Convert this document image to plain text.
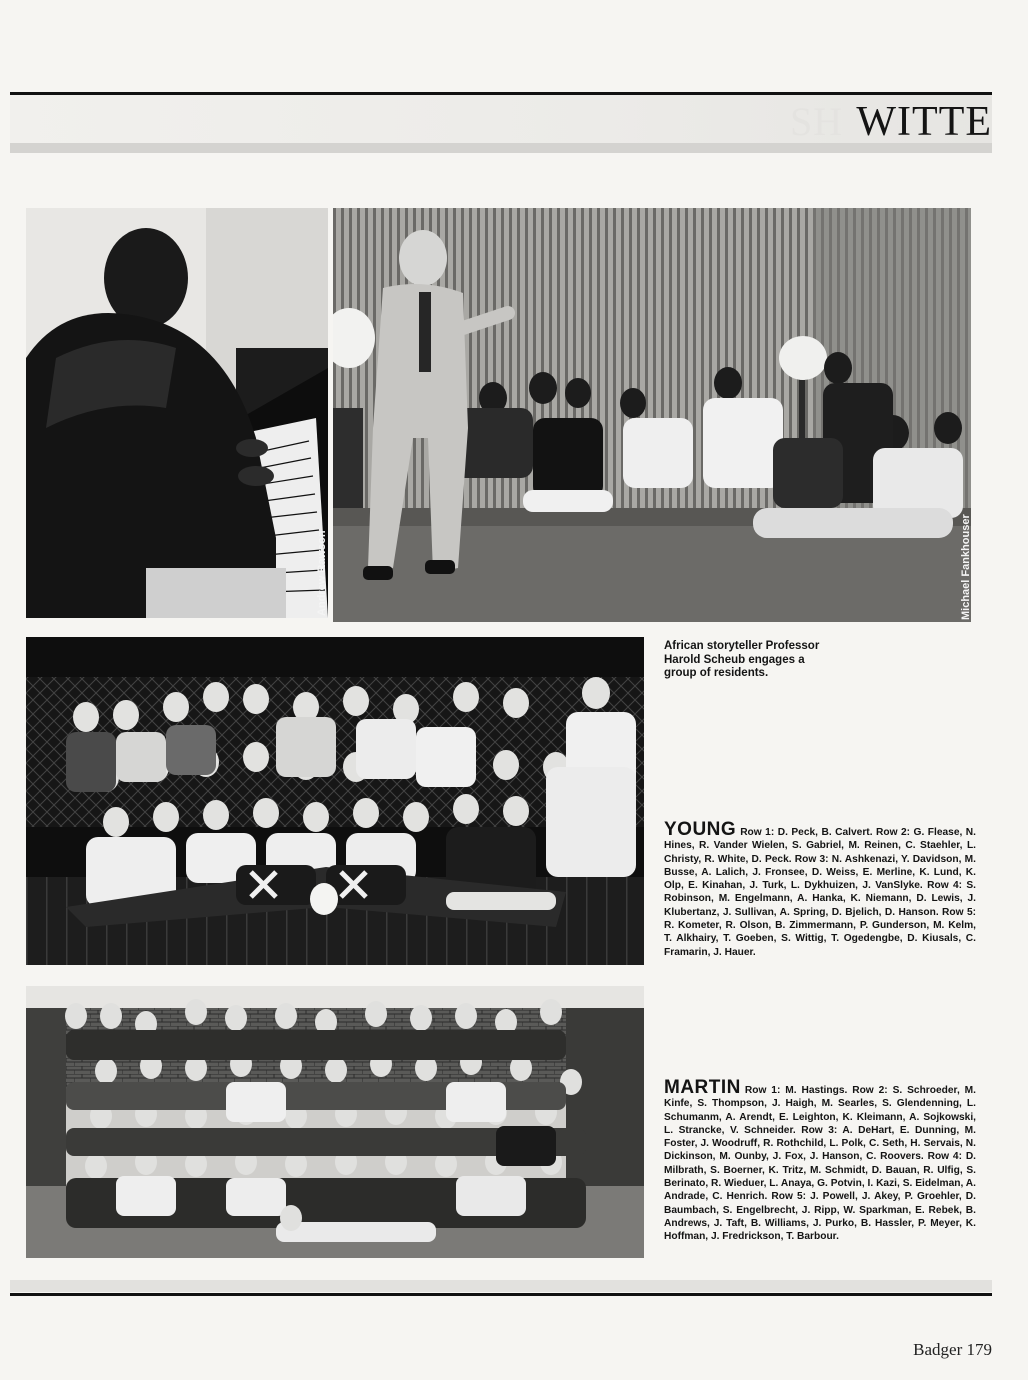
SH WITTE
Andrew Rawson	Michael Fankhouser
African storyteller Professor Harold Scheub engages a group of residents.
YOUNG Row 1: D. Peck, B. Calvert. Row 2: G. Flease, N. Hines, R. Vander Wielen, S. Gabriel, M. Reinen, C. Staehler, L. Christy, R. White, D. Peck. Row 3: N. Ashkenazi, Y. Davidson, M. Busse, A. Lalich, J. Fronsee, D. Weiss, E. Merline, K. Lund, K. Olp, E. Kinahan, J. Turk, L. Dykhuizen, J. VanSlyke. Row 4: S. Robinson, M. Engelmann, A. Hanka, K. Niemann, D. Lewis, J. Klubertanz, J. Sullivan, A. Spring, D. Bjelich, D. Hanson. Row 5: R. Kometer, R. Olson, B. Zimmermann, P. Gunderson, M. Kelm, T. Alkhairy, T. Goeben, S. Wittig, T. Ogedengbe, D. Kiusals, C. Framarin, J. Hauer.
MARTIN Row 1: M. Hastings. Row 2: S. Schroeder, M. Kinfe, S. Thompson, J. Haigh, M. Searles, S. Glendenning, L. Schumanm, A. Arendt, E. Leighton, K. Kleimann, A. Sojkowski, L. Strancke, V. Schneider. Row 3: A. DeHart, E. Dunning, M. Foster, J. Woodruff, R. Rothchild, L. Polk, C. Seth, H. Servais, N. Dickinson, M. Ounby, J. Fox, J. Hanson, C. Roovers. Row 4: D. Milbrath, S. Boerner, K. Tritz, M. Schmidt, D. Bauan, R. Ulfig, S. Berinato, R. Wieduer, L. Anaya, G. Potvin, I. Kazi, S. Eidelman, A. Andrade, C. Henrich. Row 5: J. Powell, J. Akey, P. Groehler, D. Baumbach, S. Engelbrecht, J. Ripp, W. Sparkman, E. Rebek, B. Andrews, J. Taft, B. Williams, J. Purko, B. Hassler, P. Meyer, K. Hoffman, J. Fredrickson, T. Barbour.
Badger 179
